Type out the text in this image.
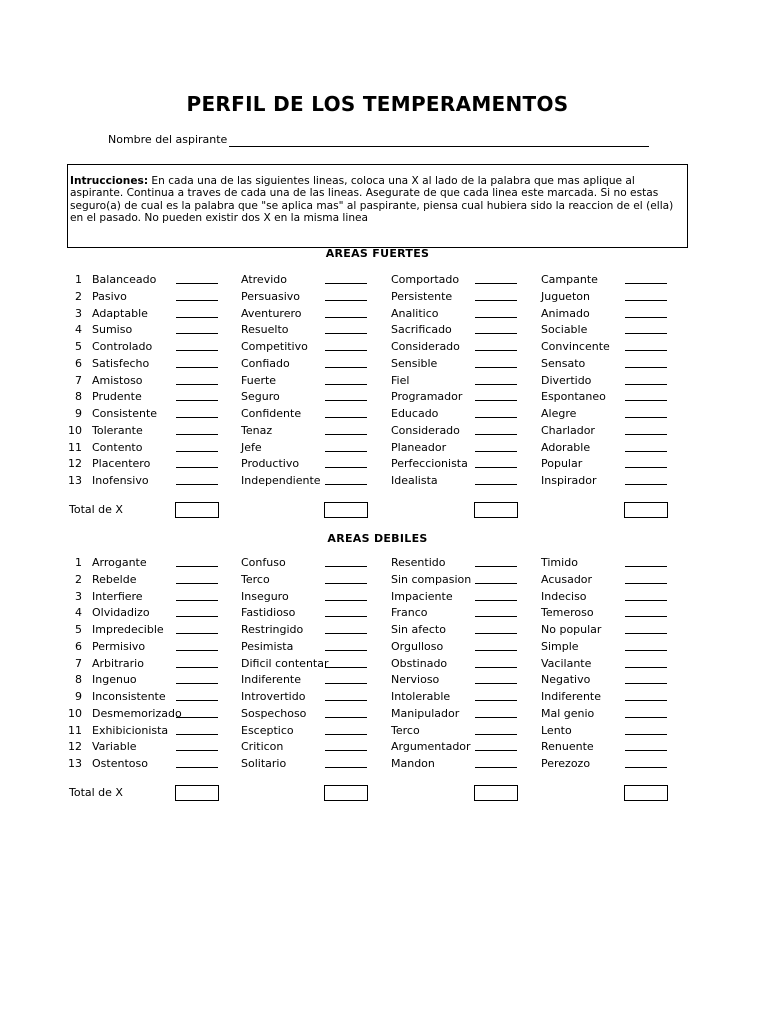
PERFIL DE LOS TEMPERAMENTOS
Nombre del aspirante
Intrucciones: En cada una de las siguientes lineas, coloca una X al lado de la palabra que mas aplique al aspirante. Continua a traves de cada una de las lineas. Asegurate de que cada linea este marcada. Si no estas seguro(a) de cual es la palabra que "se aplica mas" al paspirante, piensa cual hubiera sido la reaccion de el (ella) en el pasado. No pueden existir dos X en la misma linea
AREAS FUERTES
1 Balanceado	Atrevido	Comportado	Campante
2 Pasivo	Persuasivo	Persistente	Jugueton
3 Adaptable	Aventurero	Analitico	Animado
4 Sumiso	Resuelto	Sacrificado	Sociable
5 Controlado	Competitivo	Considerado	Convincente
6 Satisfecho	Confiado	Sensible	Sensato
7 Amistoso	Fuerte	Fiel	Divertido
8 Prudente	Seguro	Programador	Espontaneo
9 Consistente	Confidente	Educado	Alegre
10 Tolerante	Tenaz	Considerado	Charlador
11 Contento	Jefe	Planeador	Adorable
12 Placentero	Productivo	Perfeccionista	Popular
13 Inofensivo	Independiente	Idealista	Inspirador
Total de X
AREAS DEBILES
1 Arrogante	Confuso	Resentido	Timido
2 Rebelde	Terco	Sin compasion	Acusador
3 Interfiere	Inseguro	Impaciente	Indeciso
4 Olvidadizo	Fastidioso	Franco	Temeroso
5 Impredecible	Restringido	Sin afecto	No popular
6 Permisivo	Pesimista	Orgulloso	Simple
7 Arbitrario	Dificil contentar	Obstinado	Vacilante
8 Ingenuo	Indiferente	Nervioso	Negativo
9 Inconsistente	Introvertido	Intolerable	Indiferente
10 Desmemorizado	Sospechoso	Manipulador	Mal genio
11 Exhibicionista	Esceptico	Terco	Lento
12 Variable	Criticon	Argumentador	Renuente
13 Ostentoso	Solitario	Mandon	Perezozo
Total de X
